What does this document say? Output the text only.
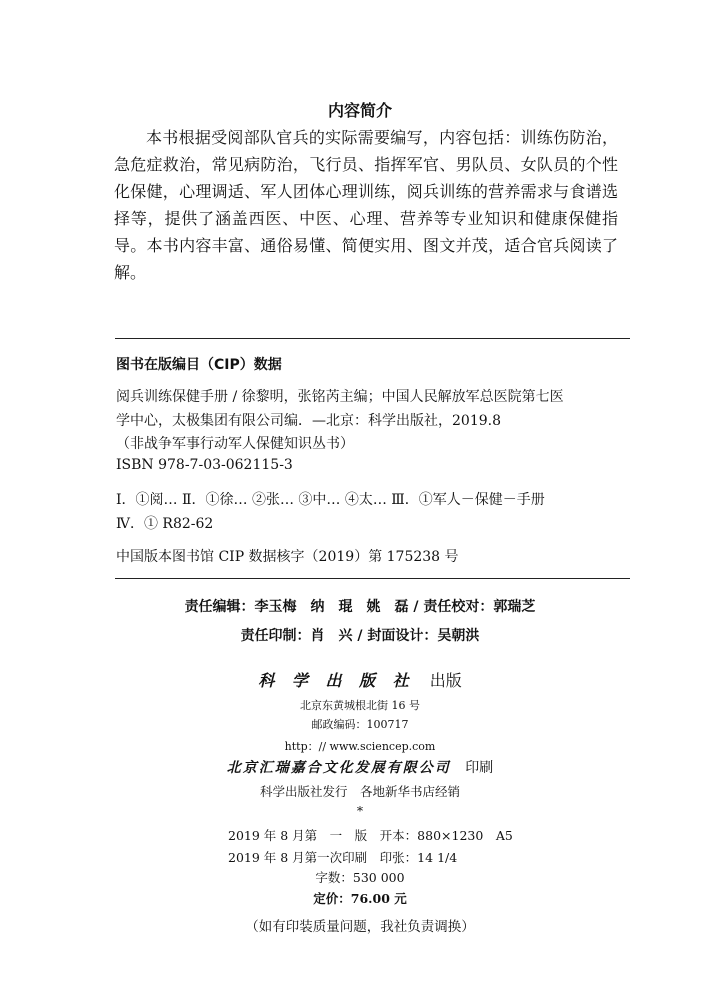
内容简介
本书根据受阅部队官兵的实际需要编写，内容包括：训练伤防治，急危症救治，常见病防治，飞行员、指挥军官、男队员、女队员的个性化保健，心理调适、军人团体心理训练，阅兵训练的营养需求与食谱选择等，提供了涵盖西医、中医、心理、营养等专业知识和健康保健指导。本书内容丰富、通俗易懂、简便实用、图文并茂，适合官兵阅读了解。
图书在版编目（CIP）数据
阅兵训练保健手册 / 徐黎明，张铭芮主编；中国人民解放军总医院第七医
学中心，太极集团有限公司编．—北京：科学出版社，2019.8
（非战争军事行动军人保健知识丛书）
ISBN 978-7-03-062115-3
Ⅰ．①阅… Ⅱ．①徐… ②张… ③中… ④太… Ⅲ．①军人－保健－手册
Ⅳ．① R82-62
中国版本图书馆 CIP 数据核字（2019）第 175238 号
责任编辑：李玉梅　纳　琨　姚　磊 / 责任校对：郭瑞芝
责任印制：肖　兴 / 封面设计：吴朝洪
科 学 出 版 社 出版
北京东黄城根北街 16 号
邮政编码：100717
http：// www.sciencep.com
北京汇瑞嘉合文化发展有限公司 印刷
科学出版社发行　各地新华书店经销
*
2019 年 8 月第　一　版　开本：880×1230　A5
2019 年 8 月第一次印刷　印张：14 1/4
字数：530 000
定价：76.00 元
（如有印装质量问题，我社负责调换）
